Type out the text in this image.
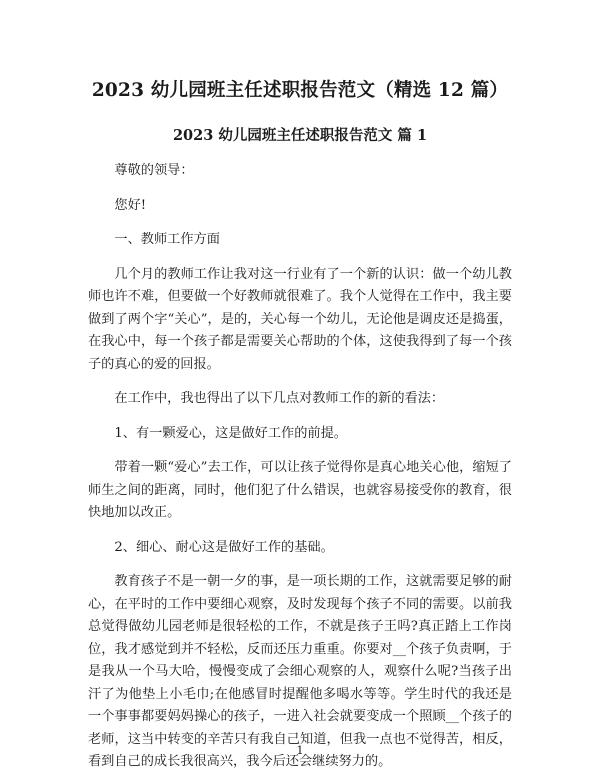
2023 幼儿园班主任述职报告范文（精选 12 篇）
2023 幼儿园班主任述职报告范文 篇 1

尊敬的领导：

您好!

一、教师工作方面

几个月的教师工作让我对这一行业有了一个新的认识：做一个幼儿教师也许不难，但要做一个好教师就很难了。我个人觉得在工作中，我主要做到了两个字“关心”，是的，关心每一个幼儿，无论他是调皮还是捣蛋，在我心中，每一个孩子都是需要关心帮助的个体，这使我得到了每一个孩子的真心的爱的回报。

在工作中，我也得出了以下几点对教师工作的新的看法：

1、有一颗爱心，这是做好工作的前提。

带着一颗“爱心”去工作，可以让孩子觉得你是真心地关心他，缩短了师生之间的距离，同时，他们犯了什么错误，也就容易接受你的教育，很快地加以改正。

2、细心、耐心这是做好工作的基础。

教育孩子不是一朝一夕的事，是一项长期的工作，这就需要足够的耐心，在平时的工作中要细心观察，及时发现每个孩子不同的需要。以前我总觉得做幼儿园老师是很轻松的工作，不就是孩子王吗?真正踏上工作岗位，我才感觉到并不轻松，反而还压力重重。你要对__个孩子负责啊，于是我从一个马大哈，慢慢变成了会细心观察的人，观察什么呢?当孩子出汗了为他垫上小毛巾;在他感冒时提醒他多喝水等等。学生时代的我还是一个事事都要妈妈操心的孩子，一进入社会就要变成一个照顾__个孩子的老师，这当中转变的辛苦只有我自己知道，但我一点也不觉得苦，相反，看到自己的成长我很高兴，我今后还会继续努力的。

1
